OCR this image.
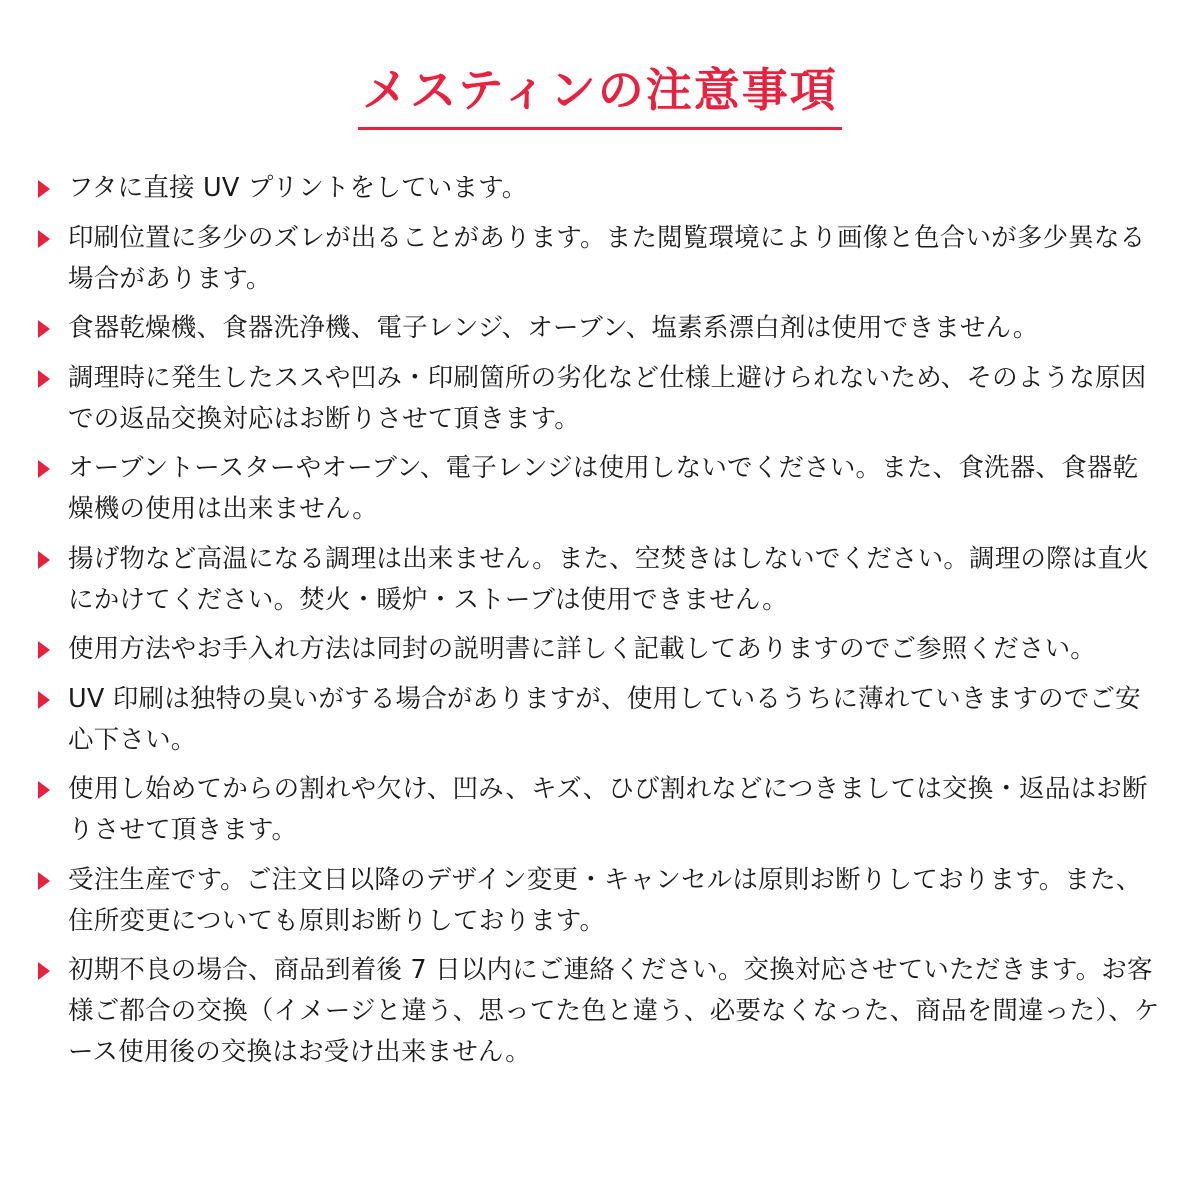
メスティンの注意事項
フタに直接 UV プリントをしています。
印刷位置に多少のズレが出ることがあります。また閲覧環境により画像と色合いが多少異なる場合があります。
食器乾燥機、食器洗浄機、電子レンジ、オーブン、塩素系漂白剤は使用できません。
調理時に発生したススや凹み・印刷箇所の劣化など仕様上避けられないため、そのような原因での返品交換対応はお断りさせて頂きます。
オーブントースターやオーブン、電子レンジは使用しないでください。また、食洗器、食器乾燥機の使用は出来ません。
揚げ物など高温になる調理は出来ません。また、空焚きはしないでください。調理の際は直火にかけてください。焚火・暖炉・ストーブは使用できません。
使用方法やお手入れ方法は同封の説明書に詳しく記載してありますのでご参照ください。
UV 印刷は独特の臭いがする場合がありますが、使用しているうちに薄れていきますのでご安心下さい。
使用し始めてからの割れや欠け、凹み、キズ、ひび割れなどにつきましては交換・返品はお断りさせて頂きます。
受注生産です。ご注文日以降のデザイン変更・キャンセルは原則お断りしております。また、住所変更についても原則お断りしております。
初期不良の場合、商品到着後 7 日以内にご連絡ください。交換対応させていただきます。お客様ご都合の交換（イメージと違う、思ってた色と違う、必要なくなった、商品を間違った）、ケース使用後の交換はお受け出来ません。
